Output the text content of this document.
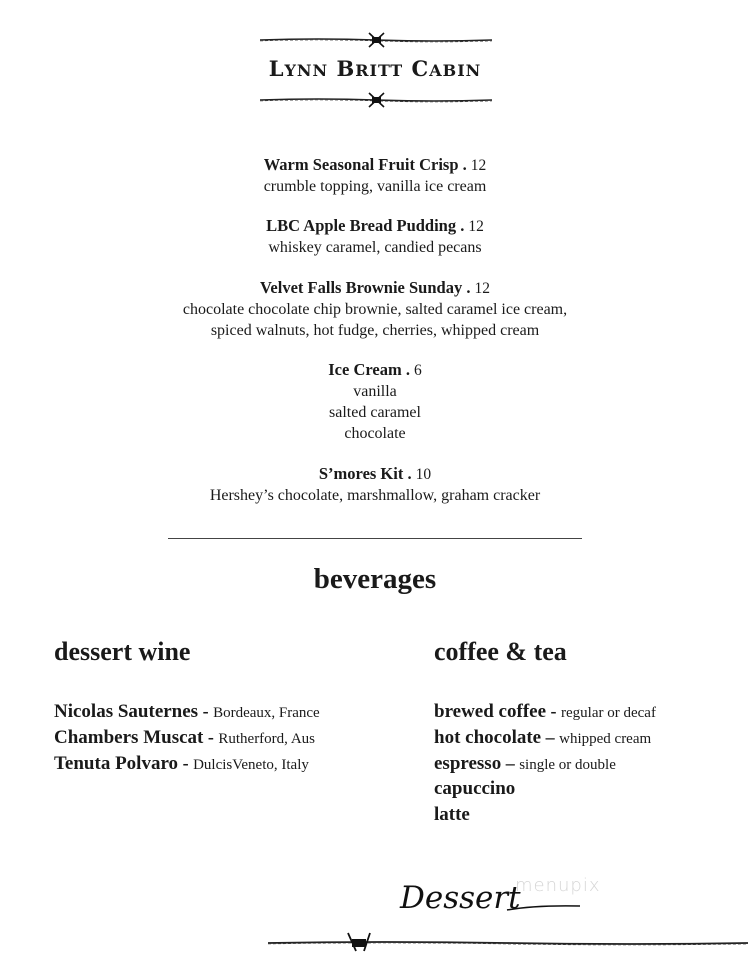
LYNN BRITT CABIN
Warm Seasonal Fruit Crisp . 12
crumble topping, vanilla ice cream
LBC Apple Bread Pudding . 12
whiskey caramel, candied pecans
Velvet Falls Brownie Sunday . 12
chocolate chocolate chip brownie, salted caramel ice cream,
spiced walnuts, hot fudge, cherries, whipped cream
Ice Cream . 6
vanilla
salted caramel
chocolate
S’mores Kit . 10
Hershey’s chocolate, marshmallow, graham cracker
beverages
dessert wine
Nicolas Sauternes - Bordeaux, France
Chambers Muscat - Rutherford, Aus
Tenuta Polvaro - DulcisVeneto, Italy
coffee & tea
brewed coffee - regular or decaf
hot chocolate – whipped cream
espresso – single or double
capuccino
latte
menupix
Dessert
